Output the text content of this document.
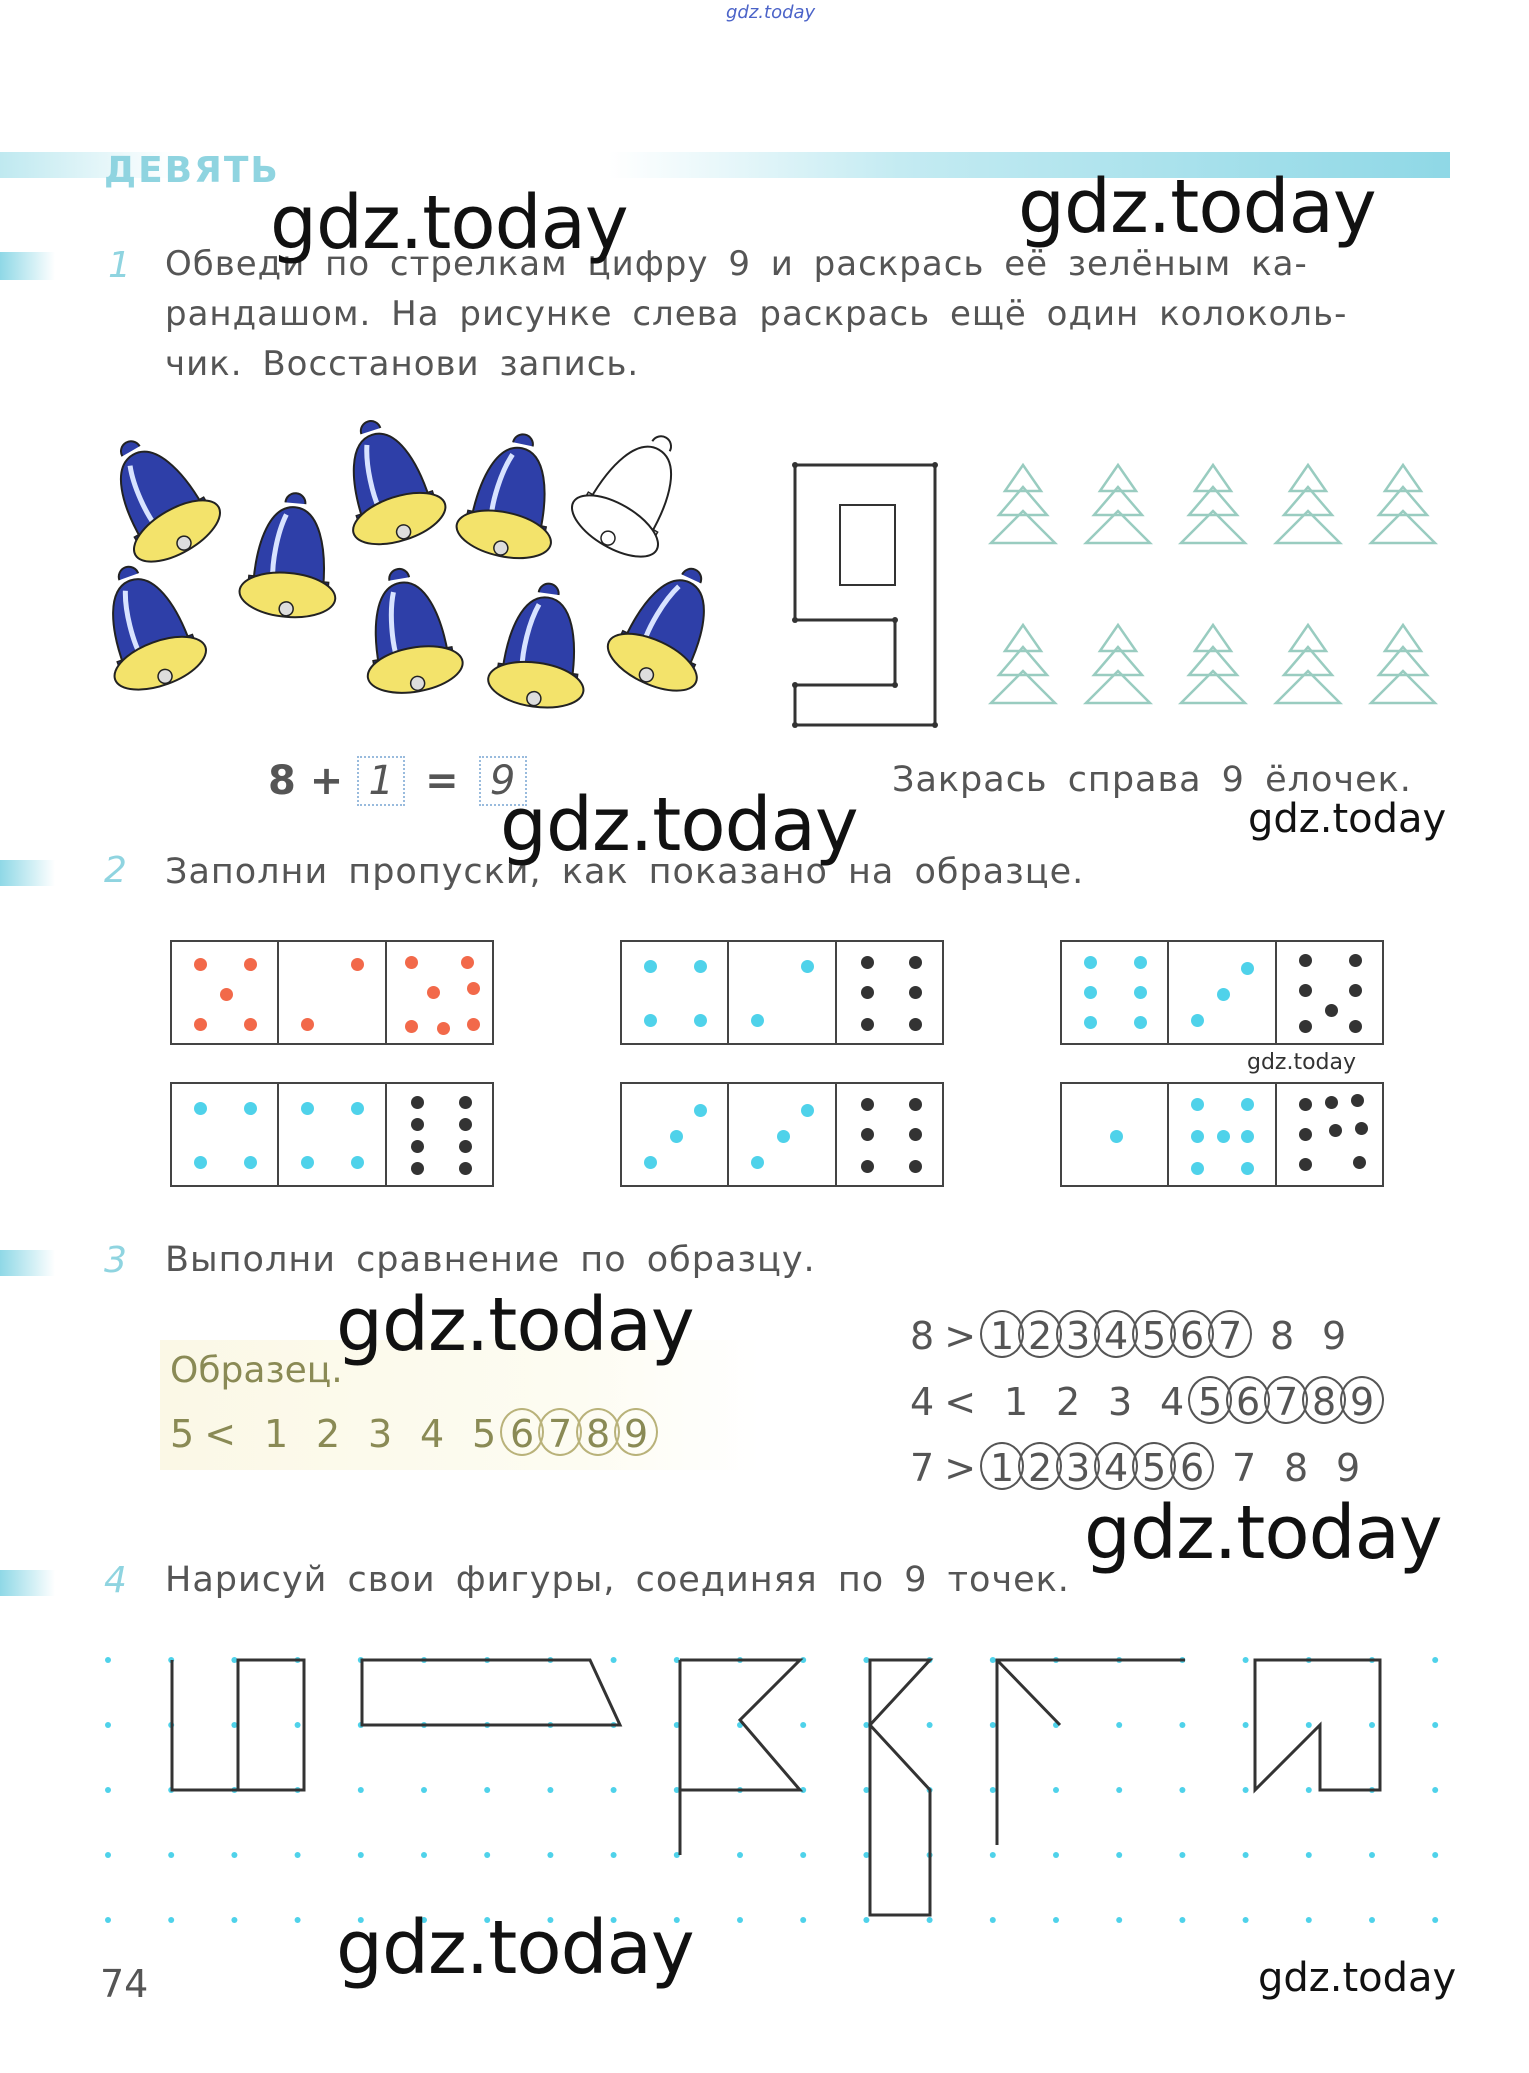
gdz.today
ДЕВЯТЬ
1 Обведи по стрелкам цифру 9 и раскрась её зелёным ка-
рандашом. На рисунке слева раскрась ещё один колоколь-
чик. Восстанови запись.
8 + 1 = 9	Закрась справа 9 ёлочек.
2 Заполни пропуски, как показано на образце.
gdz.today
3 Выполни сравнение по образцу.
Образец.
5 < 1 2 3 4 5 6 7 8 9
8 > 1 2 3 4 5 6 7 8 9
4 < 1 2 3 4 5 6 7 8 9
7 > 1 2 3 4 5 6 7 8 9
4 Нарисуй свои фигуры, соединяя по 9 точек.
74
gdz.today	gdz.today
gdz.today	gdz.today
gdz.today
gdz.today
gdz.today	gdz.today
